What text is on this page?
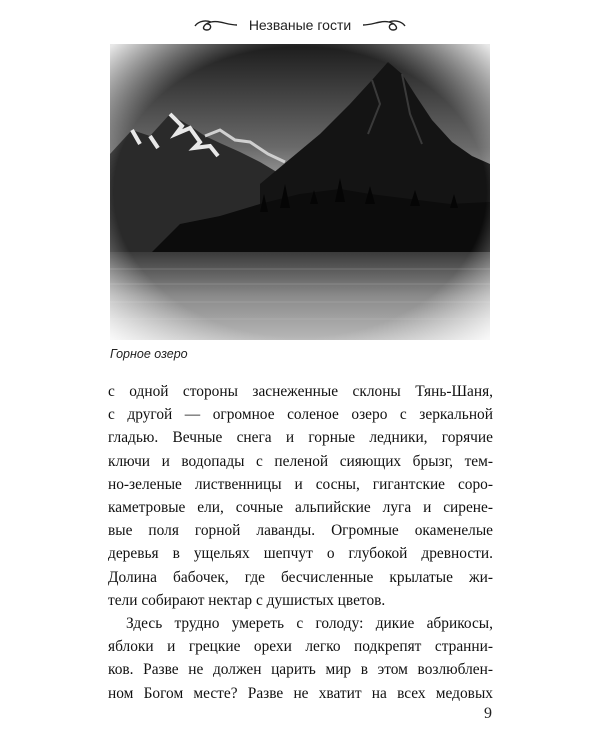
Незваные гости
Горное озеро
с одной стороны заснеженные склоны Тянь-Шаня,
с другой — огромное соленое озеро с зеркальной
гладью. Вечные снега и горные ледники, горячие
ключи и водопады с пеленой сияющих брызг, тем-
но-зеленые лиственницы и сосны, гигантские соро-
каметровые ели, сочные альпийские луга и сирене-
вые поля горной лаванды. Огромные окаменелые
деревья в ущельях шепчут о глубокой древности.
Долина бабочек, где бесчисленные крылатые жи-
тели собирают нектар с душистых цветов.
Здесь трудно умереть с голоду: дикие абрикосы,
яблоки и грецкие орехи легко подкрепят странни-
ков. Разве не должен царить мир в этом возлюблен-
ном Богом месте? Разве не хватит на всех медовых
9
